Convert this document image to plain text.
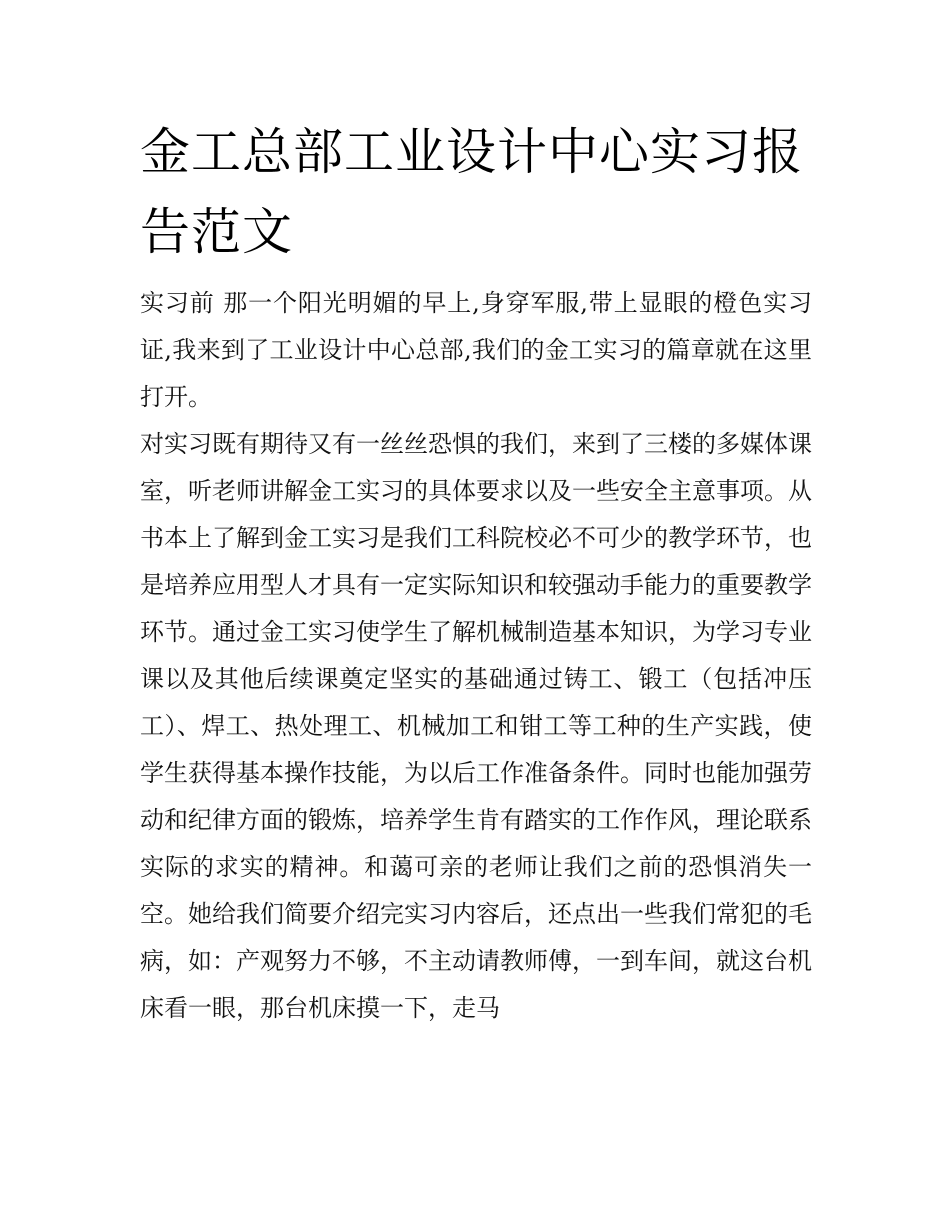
金工总部工业设计中心实习报告范文

实习前 那一个阳光明媚的早上,身穿军服,带上显眼的橙色实习证,我来到了工业设计中心总部,我们的金工实习的篇章就在这里打开。

对实习既有期待又有一丝丝恐惧的我们，来到了三楼的多媒体课室，听老师讲解金工实习的具体要求以及一些安全主意事项。从书本上了解到金工实习是我们工科院校必不可少的教学环节，也是培养应用型人才具有一定实际知识和较强动手能力的重要教学环节。通过金工实习使学生了解机械制造基本知识，为学习专业课以及其他后续课奠定坚实的基础通过铸工、锻工（包括冲压工）、焊工、热处理工、机械加工和钳工等工种的生产实践，使学生获得基本操作技能，为以后工作准备条件。同时也能加强劳动和纪律方面的锻炼，培养学生肯有踏实的工作作风，理论联系实际的求实的精神。和蔼可亲的老师让我们之前的恐惧消失一空。她给我们简要介绍完实习内容后，还点出一些我们常犯的毛病，如：产观努力不够，不主动请教师傅，一到车间，就这台机床看一眼，那台机床摸一下，走马
